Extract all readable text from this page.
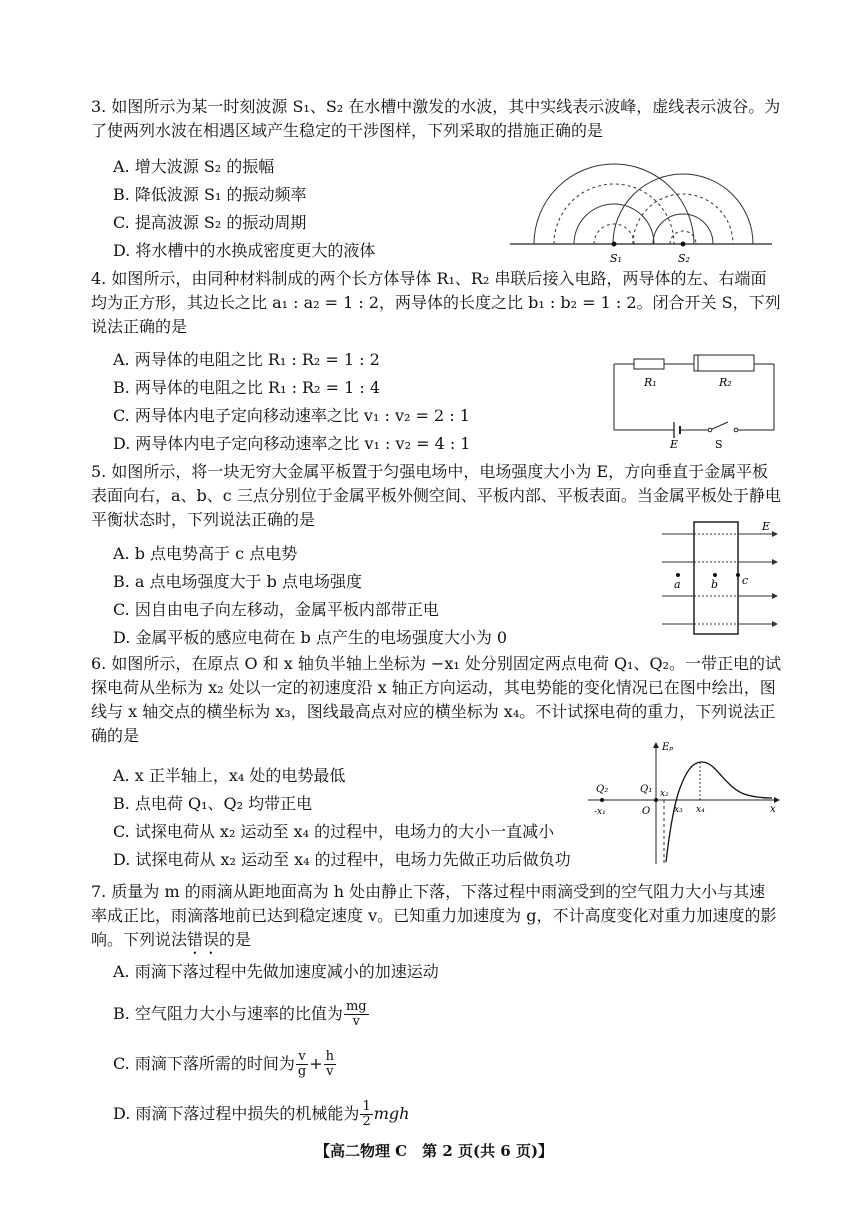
3. 如图所示为某一时刻波源 S₁、S₂ 在水槽中激发的水波，其中实线表示波峰，虚线表示波谷。为了使两列水波在相遇区域产生稳定的干涉图样，下列采取的措施正确的是

A. 增大波源 S₂ 的振幅
B. 降低波源 S₁ 的振动频率
C. 提高波源 S₂ 的振动周期
D. 将水槽中的水换成密度更大的液体	S₁	S₂

4. 如图所示，由同种材料制成的两个长方体导体 R₁、R₂ 串联后接入电路，两导体的左、右端面均为正方形，其边长之比 a₁ : a₂ = 1 : 2，两导体的长度之比 b₁ : b₂ = 1 : 2。闭合开关 S，下列说法正确的是

A. 两导体的电阻之比 R₁ : R₂ = 1 : 2
B. 两导体的电阻之比 R₁ : R₂ = 1 : 4
C. 两导体内电子定向移动速率之比 v₁ : v₂ = 2 : 1
D. 两导体内电子定向移动速率之比 v₁ : v₂ = 4 : 1
R₁	R₂
E	S

5. 如图所示，将一块无穷大金属平板置于匀强电场中，电场强度大小为 E，方向垂直于金属平板表面向右，a、b、c 三点分别位于金属平板外侧空间、平板内部、平板表面。当金属平板处于静电平衡状态时，下列说法正确的是

A. b 点电势高于 c 点电势
B. a 点电场强度大于 b 点电场强度
C. 因自由电子向左移动，金属平板内部带正电
D. 金属平板的感应电荷在 b 点产生的电场强度大小为 0
E
a	b c

6. 如图所示，在原点 O 和 x 轴负半轴上坐标为 −x₁ 处分别固定两点电荷 Q₁、Q₂。一带正电的试探电荷从坐标为 x₂ 处以一定的初速度沿 x 轴正方向运动，其电势能的变化情况已在图中绘出，图线与 x 轴交点的横坐标为 x₃，图线最高点对应的横坐标为 x₄。不计试探电荷的重力，下列说法正确的是

A. x 正半轴上，x₄ 处的电势最低
B. 点电荷 Q₁、Q₂ 均带正电
C. 试探电荷从 x₂ 运动至 x₄ 的过程中，电场力的大小一直减小
D. 试探电荷从 x₂ 运动至 x₄ 的过程中，电场力先做正功后做负功
Eₚ
Q₂	Q₁
-x₁	O
x₂
x₃ x₄	x

7. 质量为 m 的雨滴从距地面高为 h 处由静止下落，下落过程中雨滴受到的空气阻力大小与其速率成正比，雨滴落地前已达到稳定速度 v。已知重力加速度为 g，不计高度变化对重力加速度的影响。下列说法错误的是

A. 雨滴下落过程中先做加速度减小的加速运动
B. 空气阻力大小与速率的比值为 $\frac{mg}{v}$
C. 雨滴下落所需的时间为 $\frac{v}{g} + \frac{h}{v}$
D. 雨滴下落过程中损失的机械能为 $\frac{1}{2}$ mgh
【高二物理 C　第 2 页(共 6 页)】
